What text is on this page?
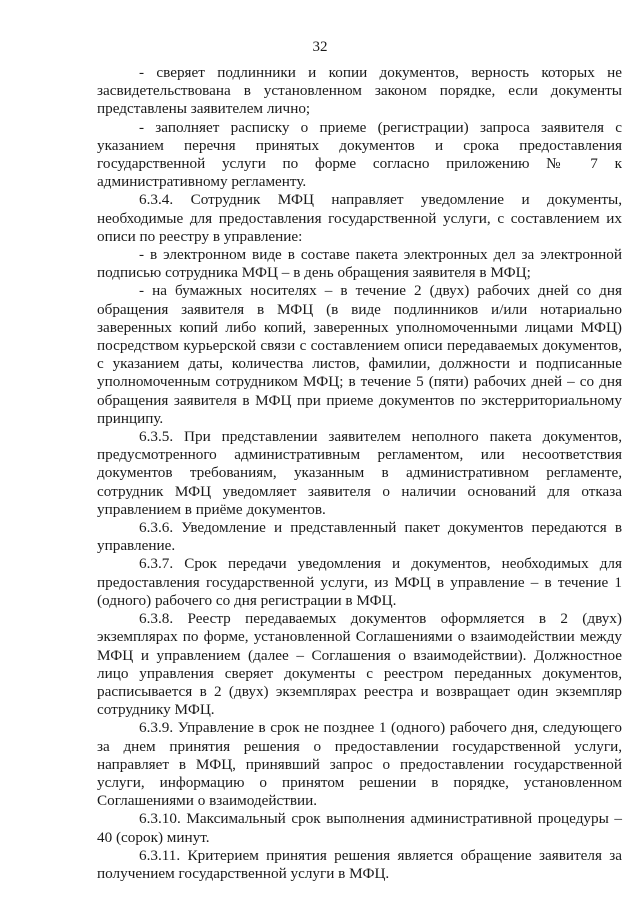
32

- сверяет подлинники и копии документов, верность которых не засвидетельствована в установленном законом порядке, если документы представлены заявителем лично;

- заполняет расписку о приеме (регистрации) запроса заявителя с указанием перечня принятых документов и срока предоставления государственной услуги по форме согласно приложению № 7 к административному регламенту.

6.3.4. Сотрудник МФЦ направляет уведомление и документы, необходимые для предоставления государственной услуги, с составлением их описи по реестру в управление:

- в электронном виде в составе пакета электронных дел за электронной подписью сотрудника МФЦ – в день обращения заявителя в МФЦ;

- на бумажных носителях – в течение 2 (двух) рабочих дней со дня обращения заявителя в МФЦ (в виде подлинников и/или нотариально заверенных копий либо копий, заверенных уполномоченными лицами МФЦ) посредством курьерской связи с составлением описи передаваемых документов, с указанием даты, количества листов, фамилии, должности и подписанные уполномоченным сотрудником МФЦ; в течение 5 (пяти) рабочих дней – со дня обращения заявителя в МФЦ при приеме документов по экстерриториальному принципу.

6.3.5. При представлении заявителем неполного пакета документов, предусмотренного административным регламентом, или несоответствия документов требованиям, указанным в административном регламенте, сотрудник МФЦ уведомляет заявителя о наличии оснований для отказа управлением в приёме документов.

6.3.6. Уведомление и представленный пакет документов передаются в управление.

6.3.7. Срок передачи уведомления и документов, необходимых для предоставления государственной услуги, из МФЦ в управление – в течение 1 (одного) рабочего со дня регистрации в МФЦ.

6.3.8. Реестр передаваемых документов оформляется в 2 (двух) экземплярах по форме, установленной Соглашениями о взаимодействии между МФЦ и управлением (далее – Соглашения о взаимодействии). Должностное лицо управления сверяет документы с реестром переданных документов, расписывается в 2 (двух) экземплярах реестра и возвращает один экземпляр сотруднику МФЦ.

6.3.9. Управление в срок не позднее 1 (одного) рабочего дня, следующего за днем принятия решения о предоставлении государственной услуги, направляет в МФЦ, принявший запрос о предоставлении государственной услуги, информацию о принятом решении в порядке, установленном Соглашениями о взаимодействии.

6.3.10. Максимальный срок выполнения административной процедуры – 40 (сорок) минут.

6.3.11. Критерием принятия решения является обращение заявителя за получением государственной услуги в МФЦ.
